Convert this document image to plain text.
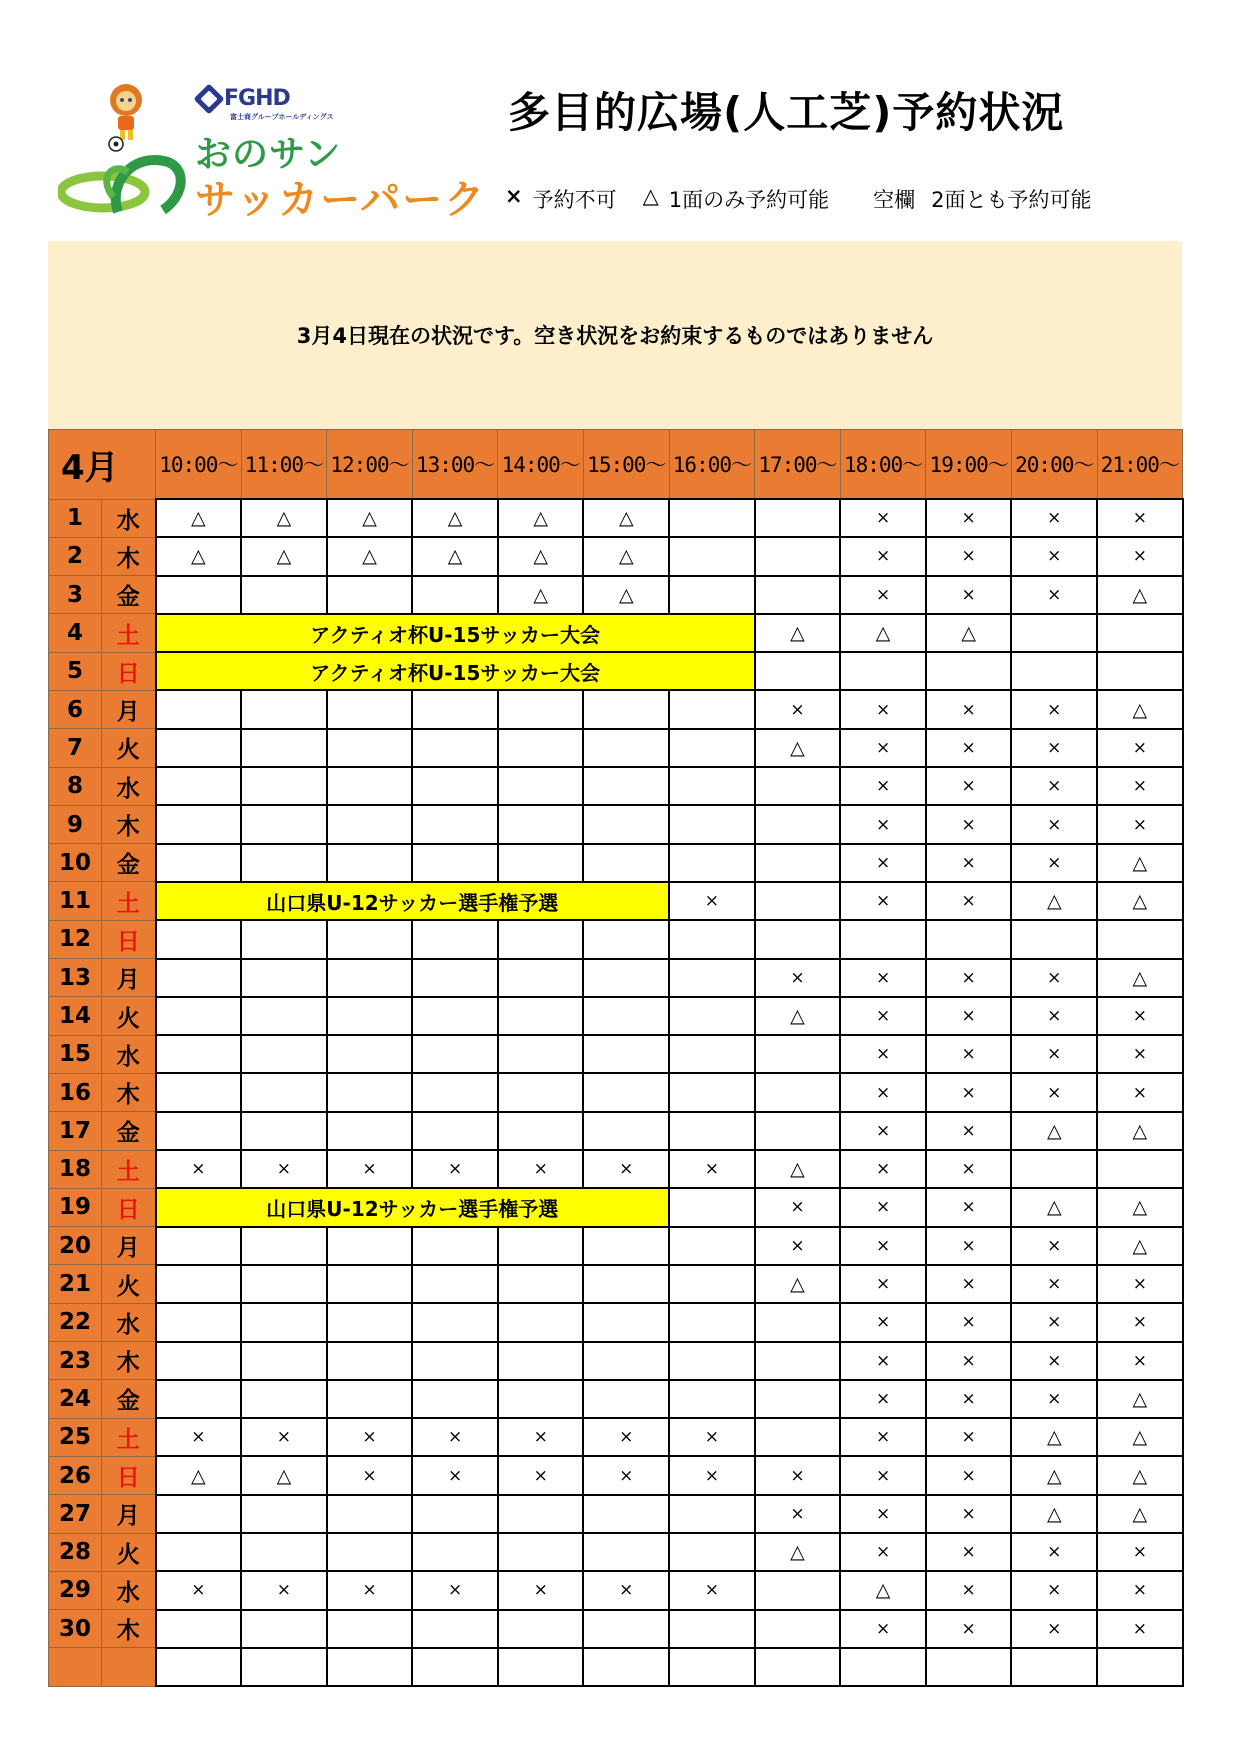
FGHD
富士商グループホールディングス
おのサン
サッカーパーク
多目的広場(人工芝)予約状況
× 予約不可 △ 1面のみ予約可能 空欄 2面とも予約可能
3月4日現在の状況です。空き状況をお約束するものではありません
4月		10:00～	11:00～	12:00～	13:00～	14:00～	15:00～	16:00～	17:00～	18:00～	19:00～	20:00～	21:00～
1	水	△	△	△	△	△	△			×	×	×	×
2	木	△	△	△	△	△	△			×	×	×	×
3	金					△	△			×	×	×	△
4	土	アクティオ杯U-15サッカー大会							△	△	△		
5	日	アクティオ杯U-15サッカー大会											
6	月								×	×	×	×	△
7	火								△	×	×	×	×
8	水									×	×	×	×
9	木									×	×	×	×
10	金									×	×	×	△
11	土	山口県U-12サッカー選手権予選						×		×	×	△	△
12	日												
13	月								×	×	×	×	△
14	火								△	×	×	×	×
15	水									×	×	×	×
16	木									×	×	×	×
17	金									×	×	△	△
18	土	×	×	×	×	×	×	×	△	×	×		
19	日	山口県U-12サッカー選手権予選							×	×	×	△	△
20	月								×	×	×	×	△
21	火								△	×	×	×	×
22	水									×	×	×	×
23	木									×	×	×	×
24	金									×	×	×	△
25	土	×	×	×	×	×	×	×		×	×	△	△
26	日	△	△	×	×	×	×	×	×	×	×	△	△
27	月								×	×	×	△	△
28	火								△	×	×	×	×
29	水	×	×	×	×	×	×	×		△	×	×	×
30	木									×	×	×	×
